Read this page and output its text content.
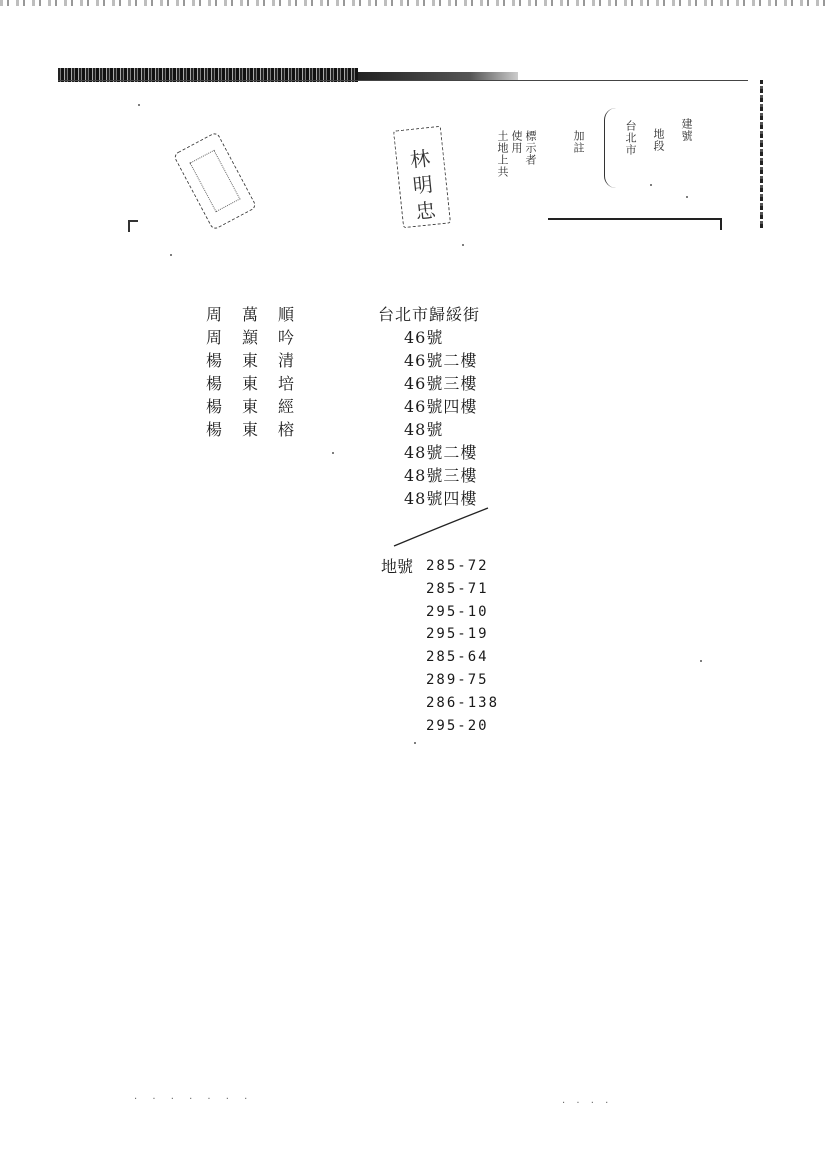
林
明
忠
土地上共 使用 標示者	加註	台北市 地段 建號
周	萬	順
周	䫞	吟
楊	東	清
楊	東	培
楊	東	經
楊	東	榕
台北市歸綏街
46號
46號二樓
46號三樓
46號四樓
48號
48號二樓
48號三樓
48號四樓
地號 285-72
285-71
295-10
295-19
285-64
289-75
286-138
295-20
· · · · · · ·	· · · ·
